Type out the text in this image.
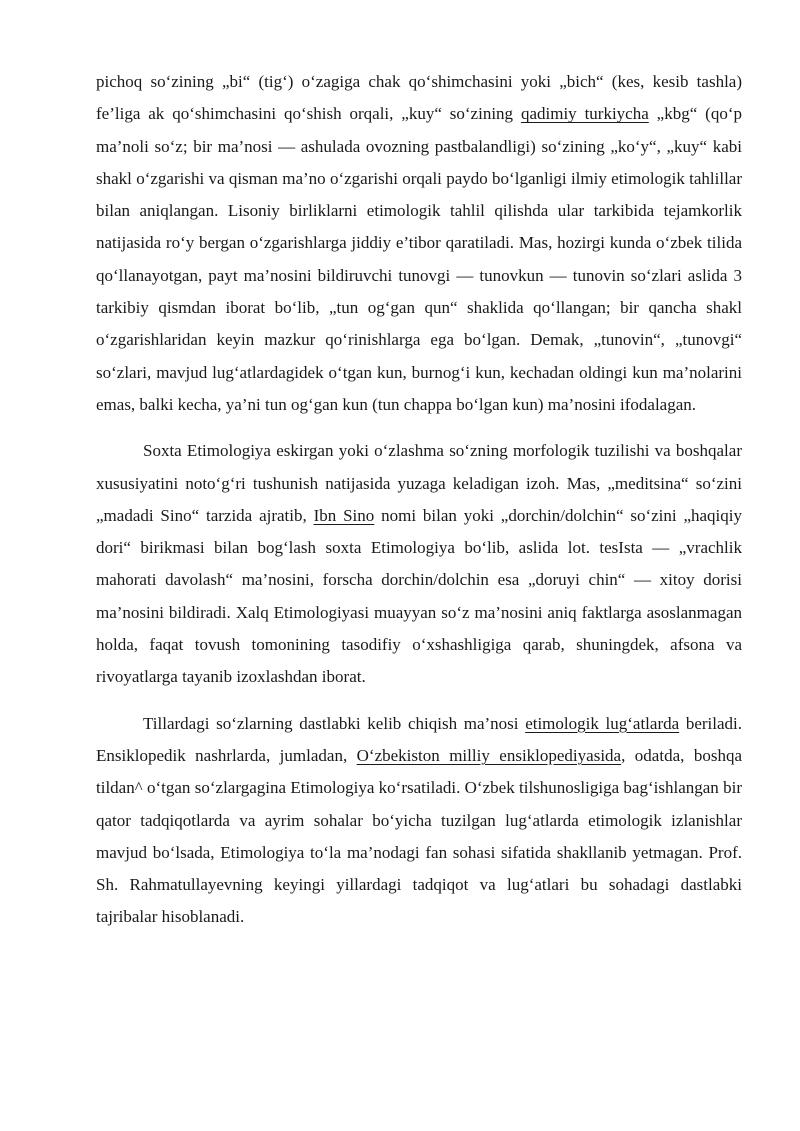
pichoq so‘zining „bi“ (tig‘) o‘zagiga chak qo‘shimchasini yoki „bich“ (kes, kesib tashla) fe’liga ak qo‘shimchasini qo‘shish orqali, „kuy“ so‘zining qadimiy turkiycha „kbg“ (qo‘p ma’noli so‘z; bir ma’nosi — ashulada ovozning pastbalandligi) so‘zining „ko‘y“, „kuy“ kabi shakl o‘zgarishi va qisman ma’no o‘zgarishi orqali paydo bo‘lganligi ilmiy etimologik tahlillar bilan aniqlangan. Lisoniy birliklarni etimologik tahlil qilishda ular tarkibida tejamkorlik natijasida ro‘y bergan o‘zgarishlarga jiddiy e’tibor qaratiladi. Mas, hozirgi kunda o‘zbek tilida qo‘llanayotgan, payt ma’nosini bildiruvchi tunovgi — tunovkun — tunovin so‘zlari aslida 3 tarkibiy qismdan iborat bo‘lib, „tun og‘gan qun“ shaklida qo‘llangan; bir qancha shakl o‘zgarishlaridan keyin mazkur qo‘rinishlarga ega bo‘lgan. Demak, „tunovin“, „tunovgi“ so‘zlari, mavjud lug‘atlardagidek o‘tgan kun, burnog‘i kun, kechadan oldingi kun ma’nolarini emas, balki kecha, ya’ni tun og‘gan kun (tun chappa bo‘lgan kun) ma’nosini ifodalagan.

Soxta Etimologiya eskirgan yoki o‘zlashma so‘zning morfologik tuzilishi va boshqalar xususiyatini noto‘g‘ri tushunish natijasida yuzaga keladigan izoh. Mas, „meditsina“ so‘zini „madadi Sino“ tarzida ajratib, Ibn Sino nomi bilan yoki „dorchin/dolchin“ so‘zini „haqiqiy dori“ birikmasi bilan bog‘lash soxta Etimologiya bo‘lib, aslida lot. tesIsta — „vrachlik mahorati davolash“ ma’nosini, forscha dorchin/dolchin esa „doruyi chin“ — xitoy dorisi ma’nosini bildiradi. Xalq Etimologiyasi muayyan so‘z ma’nosini aniq faktlarga asoslanmagan holda, faqat tovush tomonining tasodifiy o‘xshashligiga qarab, shuningdek, afsona va rivoyatlarga tayanib izoxlashdan iborat.

Tillardagi so‘zlarning dastlabki kelib chiqish ma’nosi etimologik lug‘atlarda beriladi. Ensiklopedik nashrlarda, jumladan, O‘zbekiston milliy ensiklopediyasida, odatda, boshqa tildan^ o‘tgan so‘zlargagina Etimologiya ko‘rsatiladi. O‘zbek tilshunosligiga bag‘ishlangan bir qator tadqiqotlarda va ayrim sohalar bo‘yicha tuzilgan lug‘atlarda etimologik izlanishlar mavjud bo‘lsada, Etimologiya to‘la ma’nodagi fan sohasi sifatida shakllanib yetmagan. Prof. Sh. Rahmatullayevning keyingi yillardagi tadqiqot va lug‘atlari bu sohadagi dastlabki tajribalar hisoblanadi.
